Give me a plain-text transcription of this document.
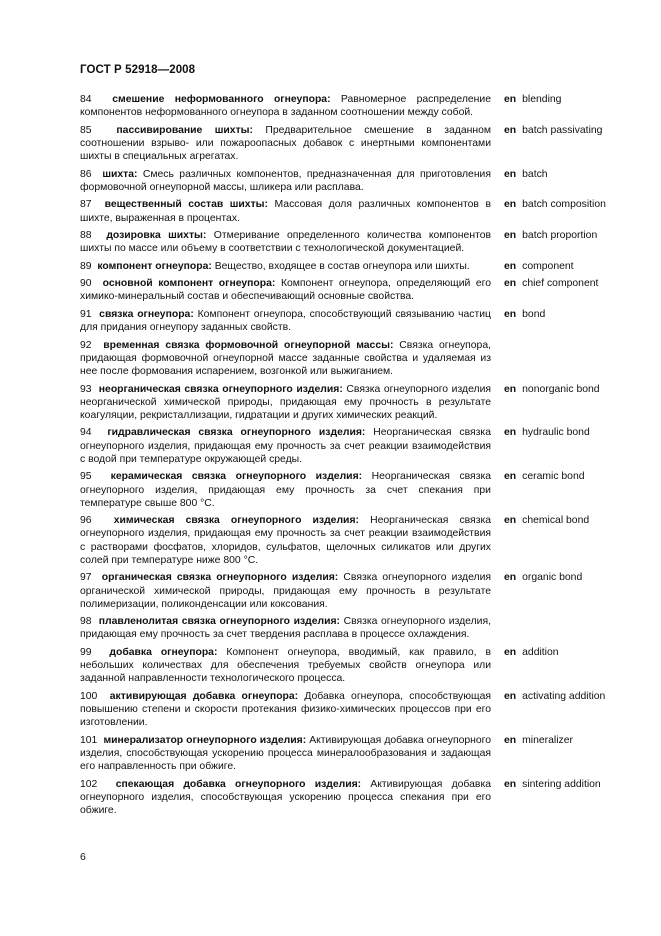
ГОСТ Р 52918—2008
84 смешение неформованного огнеупора: Равномерное распределение компонентов неформованного огнеупора в заданном соотношении между собой.
en blending
85 пассивирование шихты: Предварительное смешение в заданном соотношении взрыво- или пожароопасных добавок с инертными компонентами шихты в специальных агрегатах.
en batch passivating
86 шихта: Смесь различных компонентов, предназначенная для приготовления формовочной огнеупорной массы, шликера или расплава.
en batch
87 вещественный состав шихты: Массовая доля различных компонентов в шихте, выраженная в процентах.
en batch composition
88 дозировка шихты: Отмеривание определенного количества компонентов шихты по массе или объему в соответствии с технологической документацией.
en batch proportion
89 компонент огнеупора: Вещество, входящее в состав огнеупора или шихты.	en component
90 основной компонент огнеупора: Компонент огнеупора, определяющий его химико-минеральный состав и обеспечивающий основные свойства.
en chief component
91 связка огнеупора: Компонент огнеупора, способствующий связыванию частиц для придания огнеупору заданных свойств.
en bond
92 временная связка формовочной огнеупорной массы: Связка огнеупора, придающая формовочной огнеупорной массе заданные свойства и удаляемая из нее после формования испарением, возгонкой или выжиганием.
93 неорганическая связка огнеупорного изделия: Связка огнеупорного изделия неорганической химической природы, придающая ему прочность в результате коагуляции, рекристаллизации, гидратации и других химических реакций.
en nonorganic bond
94 гидравлическая связка огнеупорного изделия: Неорганическая связка огнеупорного изделия, придающая ему прочность за счет реакции взаимодействия с водой при температуре окружающей среды.
en hydraulic bond
95 керамическая связка огнеупорного изделия: Неорганическая связка огнеупорного изделия, придающая ему прочность за счет спекания при температуре свыше 800 °С.
en ceramic bond
96 химическая связка огнеупорного изделия: Неорганическая связка огнеупорного изделия, придающая ему прочность за счет реакции взаимодействия с растворами фосфатов, хлоридов, сульфатов, щелочных силикатов или других солей при температуре ниже 800 °С.
en chemical bond
97 органическая связка огнеупорного изделия: Связка огнеупорного изделия органической химической природы, придающая ему прочность в результате полимеризации, поликонденсации или коксования.
en organic bond
98 плавленолитая связка огнеупорного изделия: Связка огнеупорного изделия, придающая ему прочность за счет твердения расплава в процессе охлаждения.
99 добавка огнеупора: Компонент огнеупора, вводимый, как правило, в небольших количествах для обеспечения требуемых свойств огнеупора или заданной направленности технологического процесса.
en addition
100 активирующая добавка огнеупора: Добавка огнеупора, способствующая повышению степени и скорости протекания физико-химических процессов при его изготовлении.
en activating addition
101 минерализатор огнеупорного изделия: Активирующая добавка огнеупорного изделия, способствующая ускорению процесса минералообразования и задающая его направленность при обжиге.
en mineralizer
102 спекающая добавка огнеупорного изделия: Активирующая добавка огнеупорного изделия, способствующая ускорению процесса спекания при его обжиге.
en sintering addition
6
